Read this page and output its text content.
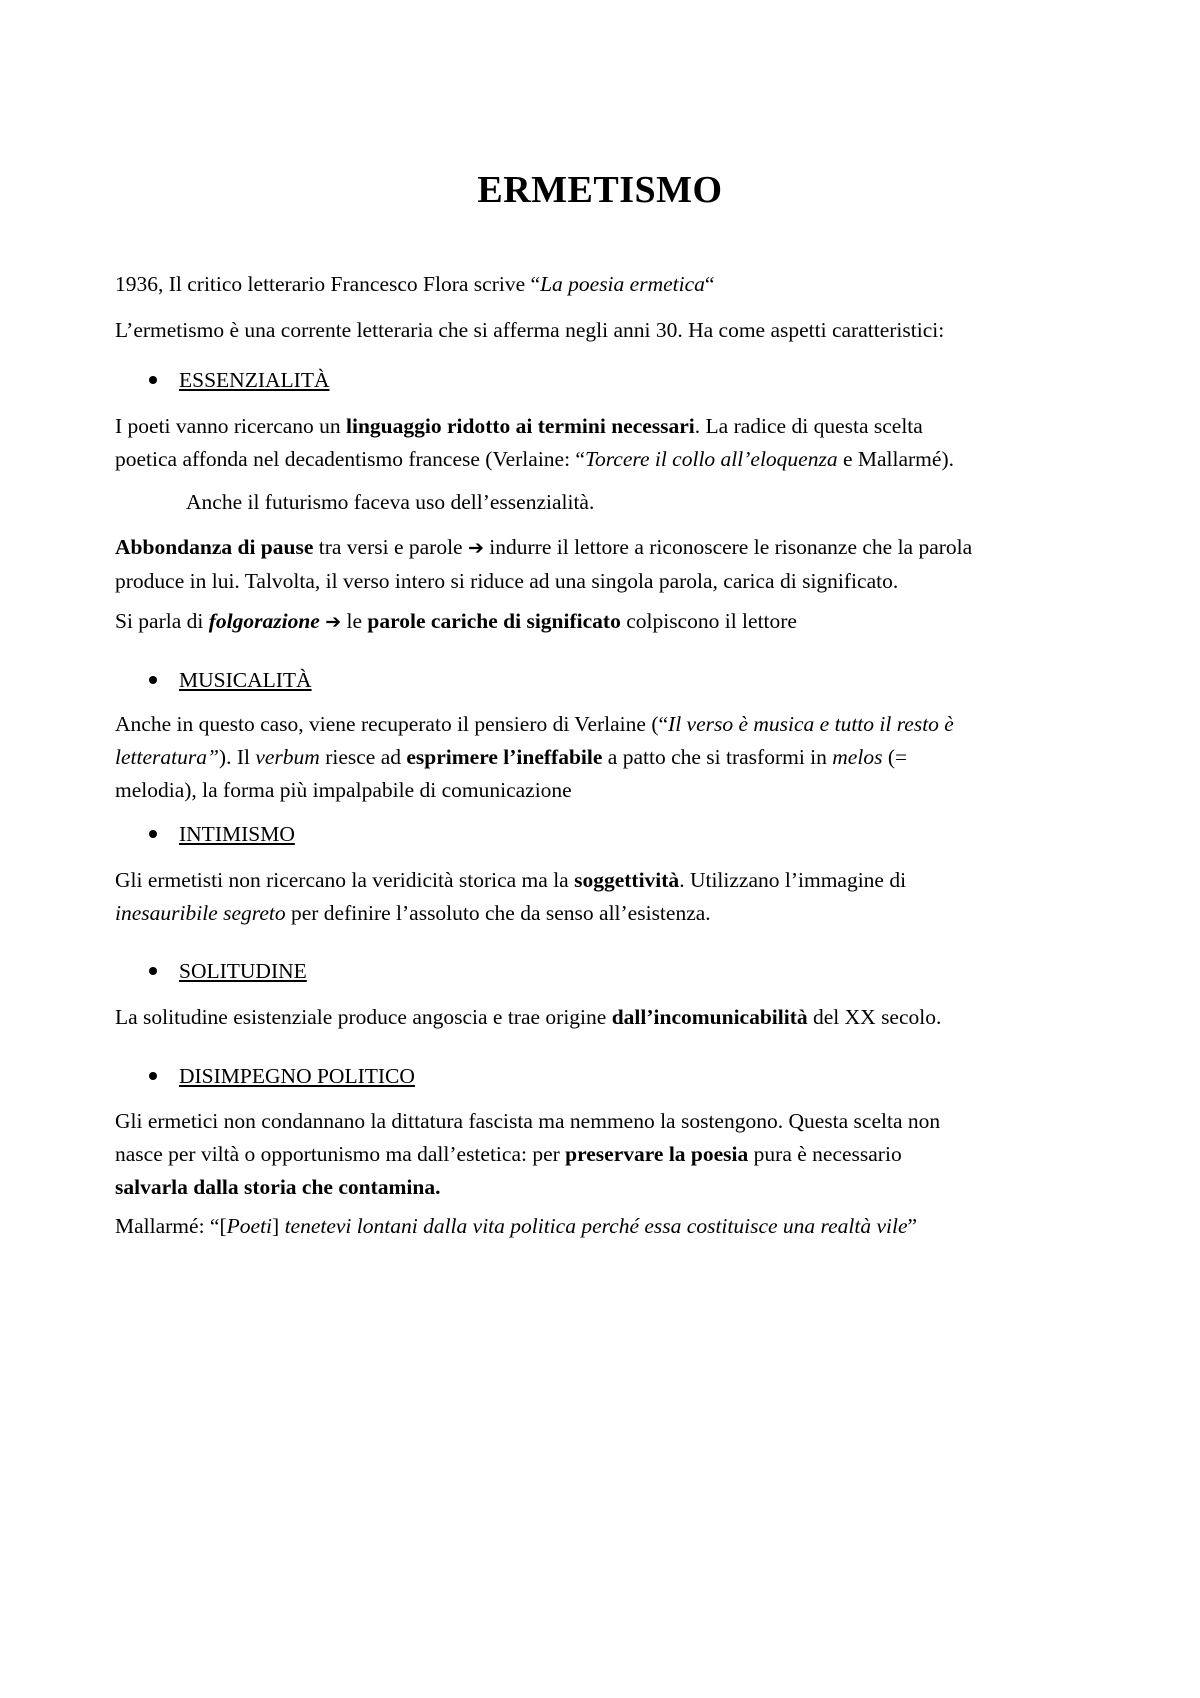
ERMETISMO

1936, Il critico letterario Francesco Flora scrive “La poesia ermetica“

L’ermetismo è una corrente letteraria che si afferma negli anni 30. Ha come aspetti caratteristici:

ESSENZIALITÀ

I poeti vanno ricercano un linguaggio ridotto ai termini necessari. La radice di questa scelta
poetica affonda nel decadentismo francese (Verlaine: “Torcere il collo all’eloquenza e Mallarmé).

Anche il futurismo faceva uso dell’essenzialità.

Abbondanza di pause tra versi e parole ➔ indurre il lettore a riconoscere le risonanze che la parola
produce in lui. Talvolta, il verso intero si riduce ad una singola parola, carica di significato.

Si parla di folgorazione ➔ le parole cariche di significato colpiscono il lettore

MUSICALITÀ

Anche in questo caso, viene recuperato il pensiero di Verlaine (“Il verso è musica e tutto il resto è
letteratura”). Il verbum riesce ad esprimere l’ineffabile a patto che si trasformi in melos (=
melodia), la forma più impalpabile di comunicazione

INTIMISMO

Gli ermetisti non ricercano la veridicità storica ma la soggettività. Utilizzano l’immagine di
inesauribile segreto per definire l’assoluto che da senso all’esistenza.

SOLITUDINE

La solitudine esistenziale produce angoscia e trae origine dall’incomunicabilità del XX secolo.

DISIMPEGNO POLITICO

Gli ermetici non condannano la dittatura fascista ma nemmeno la sostengono. Questa scelta non
nasce per viltà o opportunismo ma dall’estetica: per preservare la poesia pura è necessario
salvarla dalla storia che contamina.

Mallarmé: “[Poeti] tenetevi lontani dalla vita politica perché essa costituisce una realtà vile”
